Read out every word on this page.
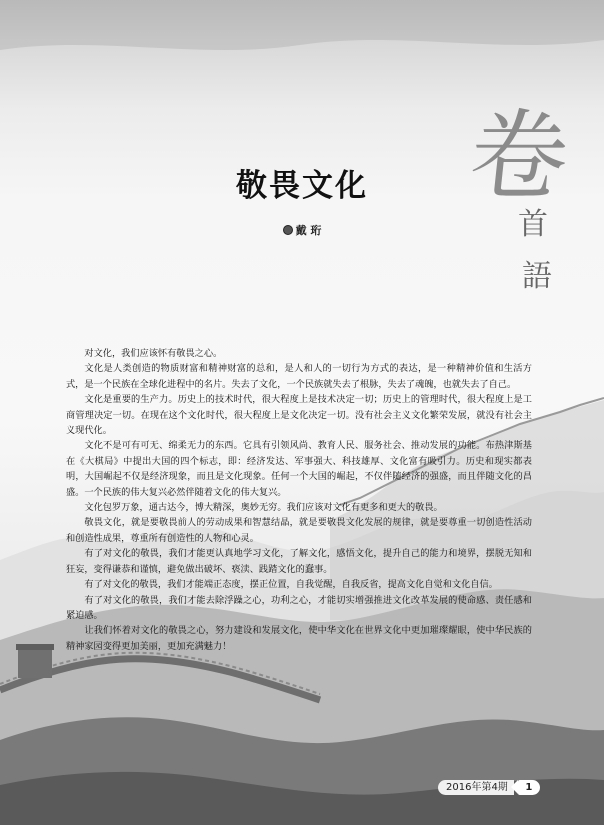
卷
首
語
敬畏文化
戴 珩

对文化，我们应该怀有敬畏之心。

文化是人类创造的物质财富和精神财富的总和，是人和人的一切行为方式的表达，是一种精神价值和生活方式，是一个民族在全球化进程中的名片。失去了文化，一个民族就失去了根脉，失去了魂魄，也就失去了自己。

文化是重要的生产力。历史上的技术时代，很大程度上是技术决定一切；历史上的管理时代，很大程度上是工商管理决定一切。在现在这个文化时代，很大程度上是文化决定一切。没有社会主义文化繁荣发展，就没有社会主义现代化。

文化不是可有可无、绵柔无力的东西。它具有引领风尚、教育人民、服务社会、推动发展的功能。布热津斯基在《大棋局》中提出大国的四个标志，即：经济发达、军事强大、科技雄厚、文化富有吸引力。历史和现实都表明，大国崛起不仅是经济现象，而且是文化现象。任何一个大国的崛起，不仅伴随经济的强盛，而且伴随文化的昌盛。一个民族的伟大复兴必然伴随着文化的伟大复兴。

文化包罗万象，通古达今，博大精深，奥妙无穷。我们应该对文化有更多和更大的敬畏。

敬畏文化，就是要敬畏前人的劳动成果和智慧结晶，就是要敬畏文化发展的规律，就是要尊重一切创造性活动和创造性成果，尊重所有创造性的人物和心灵。

有了对文化的敬畏，我们才能更认真地学习文化，了解文化，感悟文化，提升自己的能力和境界，摆脱无知和狂妄，变得谦恭和谨慎，避免做出破坏、亵渎、践踏文化的蠢事。

有了对文化的敬畏，我们才能端正态度，摆正位置，自我觉醒，自我反省，提高文化自觉和文化自信。

有了对文化的敬畏，我们才能去除浮躁之心，功利之心，才能切实增强推进文化改革发展的使命感、责任感和紧迫感。

让我们怀着对文化的敬畏之心，努力建设和发展文化，使中华文化在世界文化中更加璀璨耀眼，使中华民族的精神家园变得更加美丽，更加充满魅力！

2016年第4期	1
